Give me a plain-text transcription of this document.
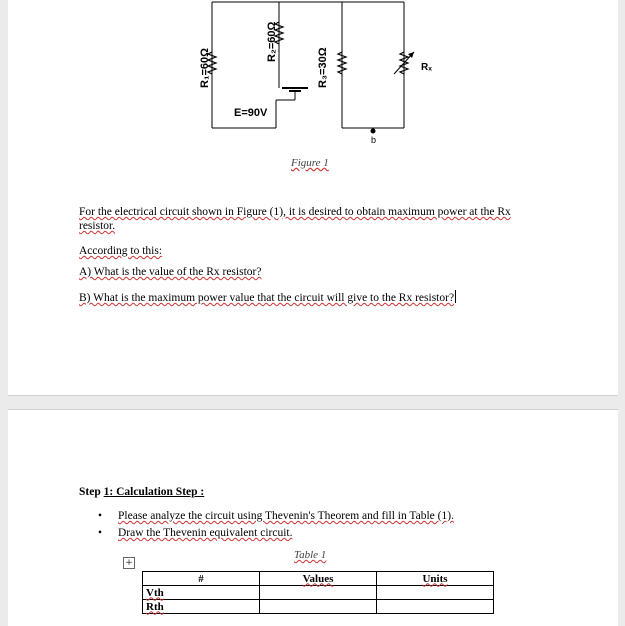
R₁=60Ω
R₂=60Ω
R₃=30Ω	Rₓ
E=90V
b
Figure 1
For the electrical circuit shown in Figure (1), it is desired to obtain maximum power at the Rx
resistor.
According to this:
A) What is the value of the Rx resistor?
B) What is the maximum power value that the circuit will give to the Rx resistor?
Step 1: Calculation Step :
• Please analyze the circuit using Thevenin's Theorem and fill in Table (1).
• Draw the Thevenin equivalent circuit.
Table 1
+
#	Values	Units
Vth		
Rth		
